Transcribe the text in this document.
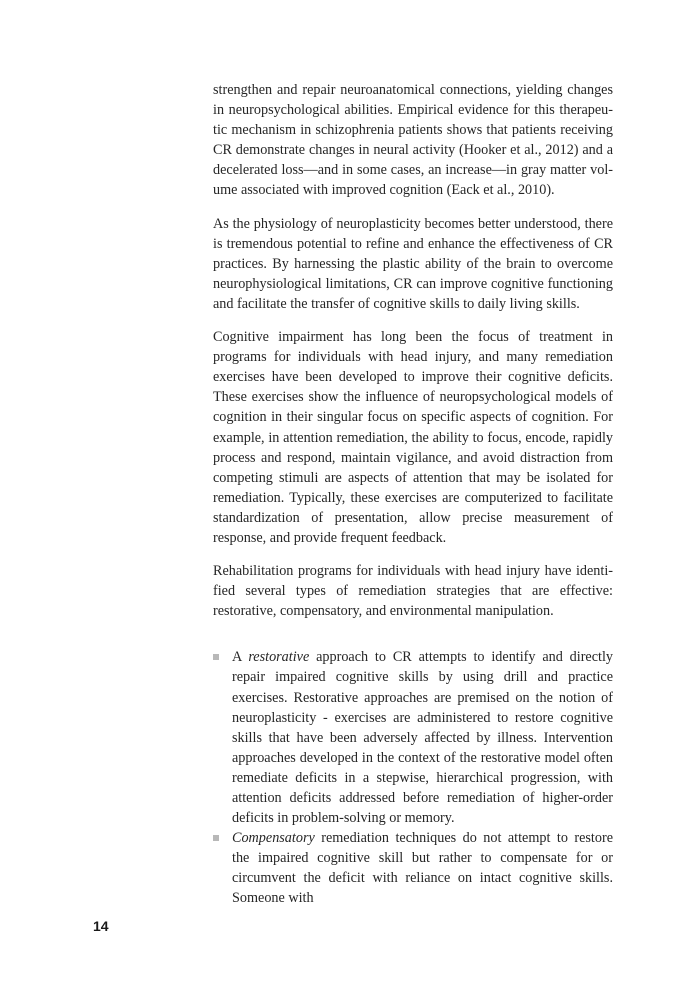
strengthen and repair neuroanatomical connections, yielding changes in neuropsychological abilities. Empirical evidence for this therapeutic mechanism in schizophrenia patients shows that patients receiving CR demonstrate changes in neural activity (Hooker et al., 2012) and a decelerated loss—and in some cases, an increase—in gray matter volume associated with improved cognition (Eack et al., 2010).

As the physiology of neuroplasticity becomes better understood, there is tremendous potential to refine and enhance the effectiveness of CR practices. By harnessing the plastic ability of the brain to overcome neurophysiological limitations, CR can improve cognitive functioning and facilitate the transfer of cognitive skills to daily living skills.

Cognitive impairment has long been the focus of treatment in programs for individuals with head injury, and many remediation exercises have been developed to improve their cognitive deficits. These exercises show the influence of neuropsychological models of cognition in their singular focus on specific aspects of cognition. For example, in attention remediation, the ability to focus, encode, rapidly process and respond, maintain vigilance, and avoid distraction from competing stimuli are aspects of attention that may be isolated for remediation. Typically, these exercises are computerized to facilitate standardization of presentation, allow precise measurement of response, and provide frequent feedback.

Rehabilitation programs for individuals with head injury have identified several types of remediation strategies that are effective: restorative, compensatory, and environmental manipulation.

A restorative approach to CR attempts to identify and directly repair impaired cognitive skills by using drill and practice exercises. Restorative approaches are premised on the notion of neuroplasticity - exercises are administered to restore cognitive skills that have been adversely affected by illness. Intervention approaches developed in the context of the restorative model often remediate deficits in a stepwise, hierarchical progression, with attention deficits addressed before remediation of higher-order deficits in problem-solving or memory.
Compensatory remediation techniques do not attempt to restore the impaired cognitive skill but rather to compensate for or circumvent the deficit with reliance on intact cognitive skills. Someone with
14
